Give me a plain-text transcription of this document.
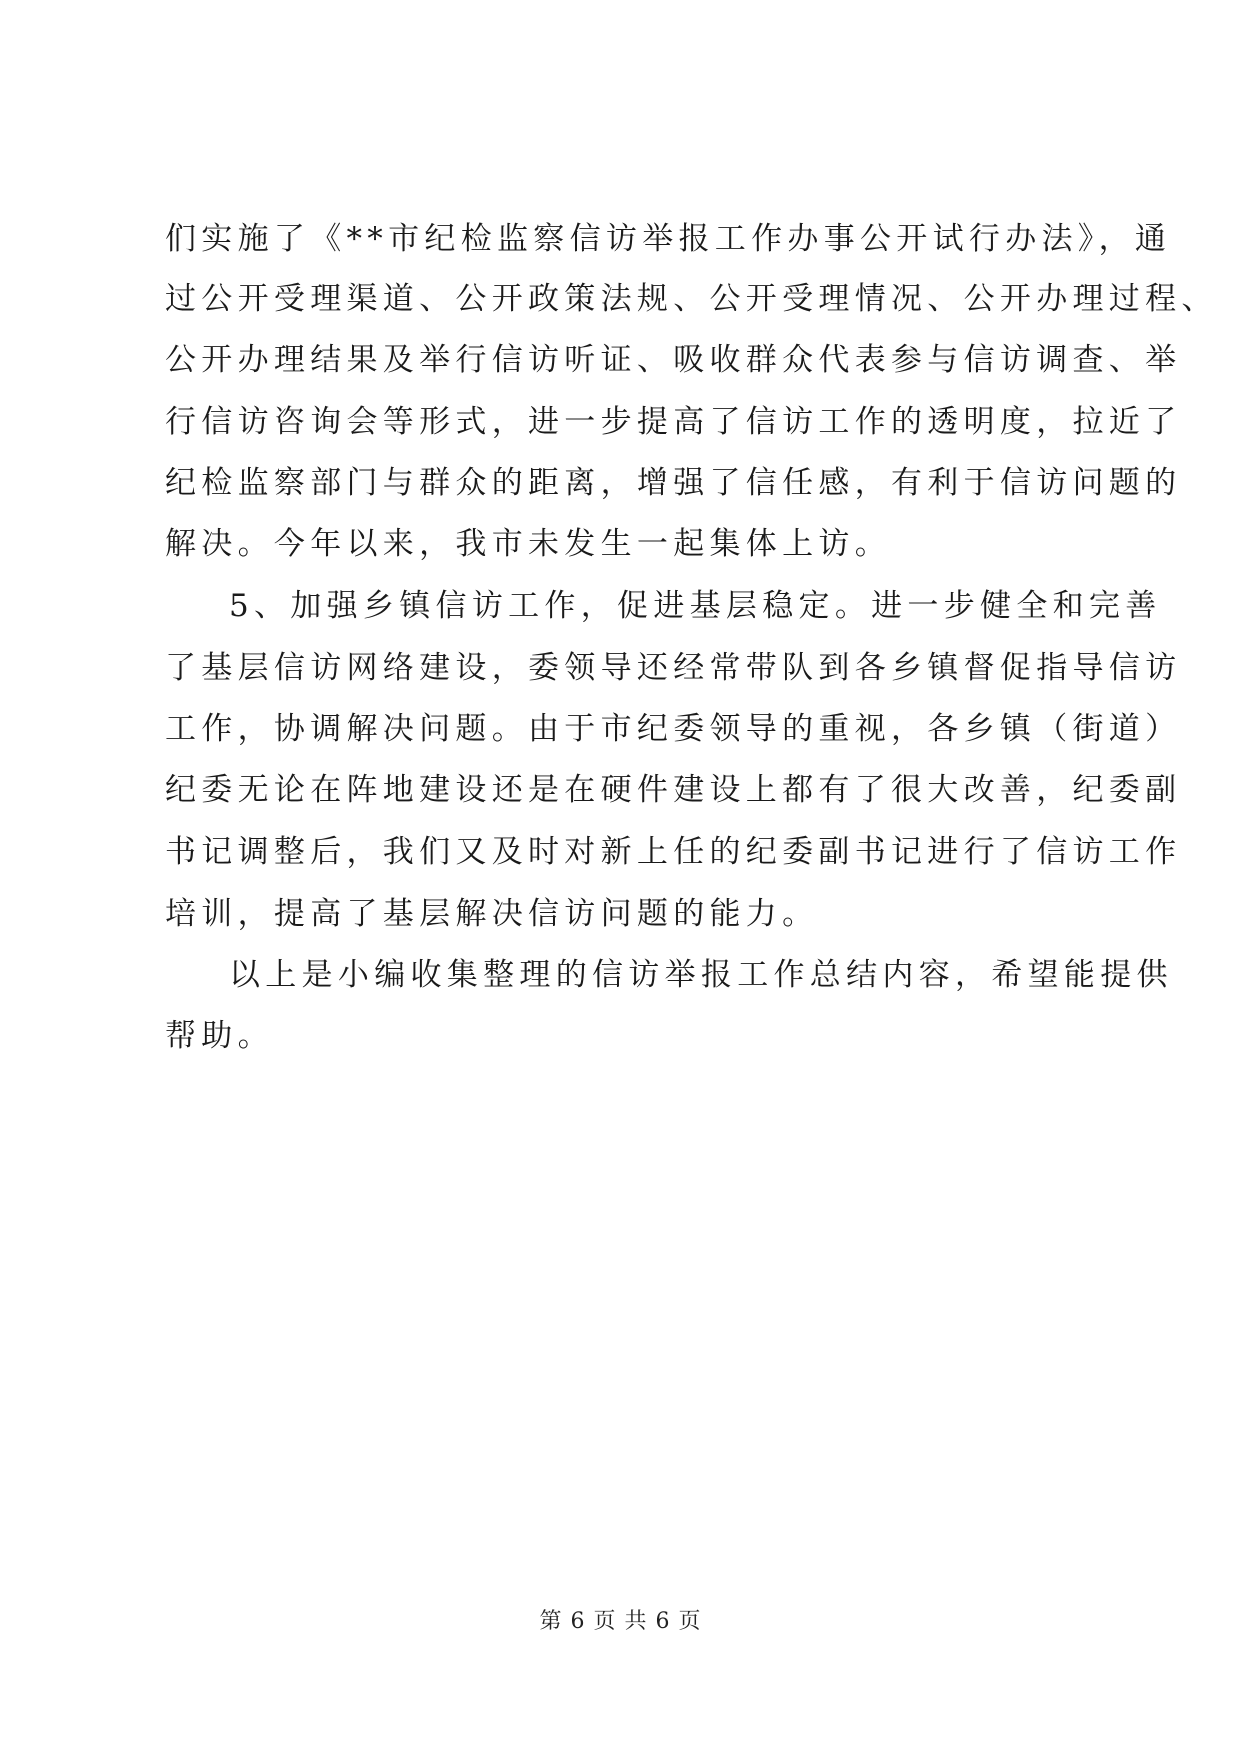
们实施了《**市纪检监察信访举报工作办事公开试行办法》，通
过公开受理渠道、公开政策法规、公开受理情况、公开办理过程、
公开办理结果及举行信访听证、吸收群众代表参与信访调查、举
行信访咨询会等形式，进一步提高了信访工作的透明度，拉近了
纪检监察部门与群众的距离，增强了信任感，有利于信访问题的
解决。今年以来，我市未发生一起集体上访。
5、加强乡镇信访工作，促进基层稳定。进一步健全和完善
了基层信访网络建设，委领导还经常带队到各乡镇督促指导信访
工作，协调解决问题。由于市纪委领导的重视，各乡镇（街道）
纪委无论在阵地建设还是在硬件建设上都有了很大改善，纪委副
书记调整后，我们又及时对新上任的纪委副书记进行了信访工作
培训，提高了基层解决信访问题的能力。
以上是小编收集整理的信访举报工作总结内容，希望能提供
帮助。
第 6 页 共 6 页
